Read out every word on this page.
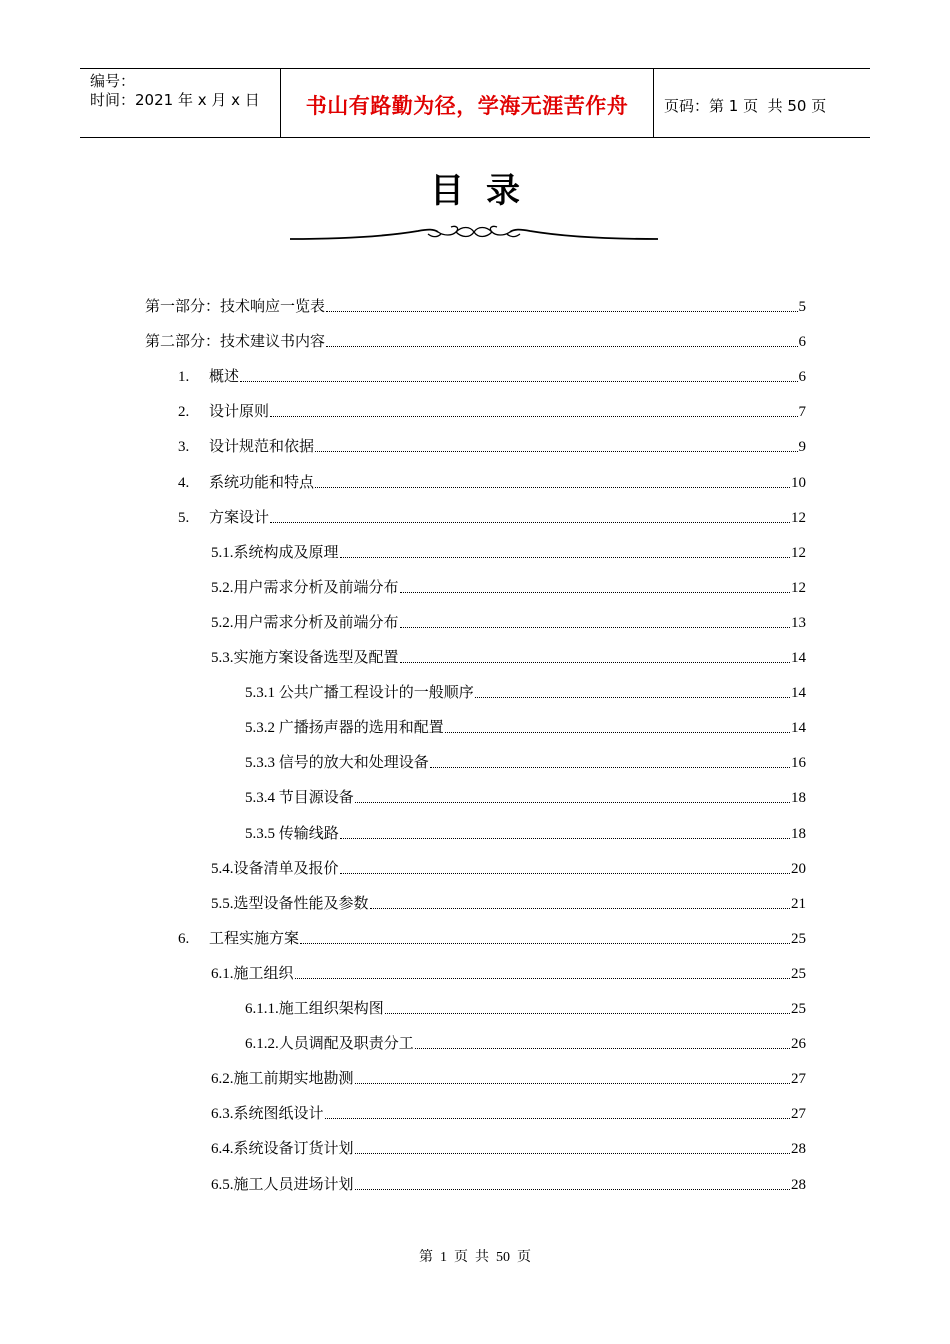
编号：
时间：2021 年 x 月 x 日	书山有路勤为径，学海无涯苦作舟	页码：第 1 页  共 50 页
目录
第一部分：技术响应一览表	5
第二部分：技术建议书内容	6
1.	概述	6
2.	设计原则	7
3.	设计规范和依据	9
4.	系统功能和特点	10
5.	方案设计	12
5.1.系统构成及原理	12
5.2.用户需求分析及前端分布	12
5.2.用户需求分析及前端分布	13
5.3.实施方案设备选型及配置	14
5.3.1 公共广播工程设计的一般顺序	14
5.3.2 广播扬声器的选用和配置	14
5.3.3 信号的放大和处理设备	16
5.3.4 节目源设备	18
5.3.5 传输线路	18
5.4.设备清单及报价	20
5.5.选型设备性能及参数	21
6.	工程实施方案	25
6.1.施工组织	25
6.1.1.施工组织架构图	25
6.1.2.人员调配及职责分工	26
6.2.施工前期实地勘测	27
6.3.系统图纸设计	27
6.4.系统设备订货计划	28
6.5.施工人员进场计划	28
第  1  页  共  50  页
